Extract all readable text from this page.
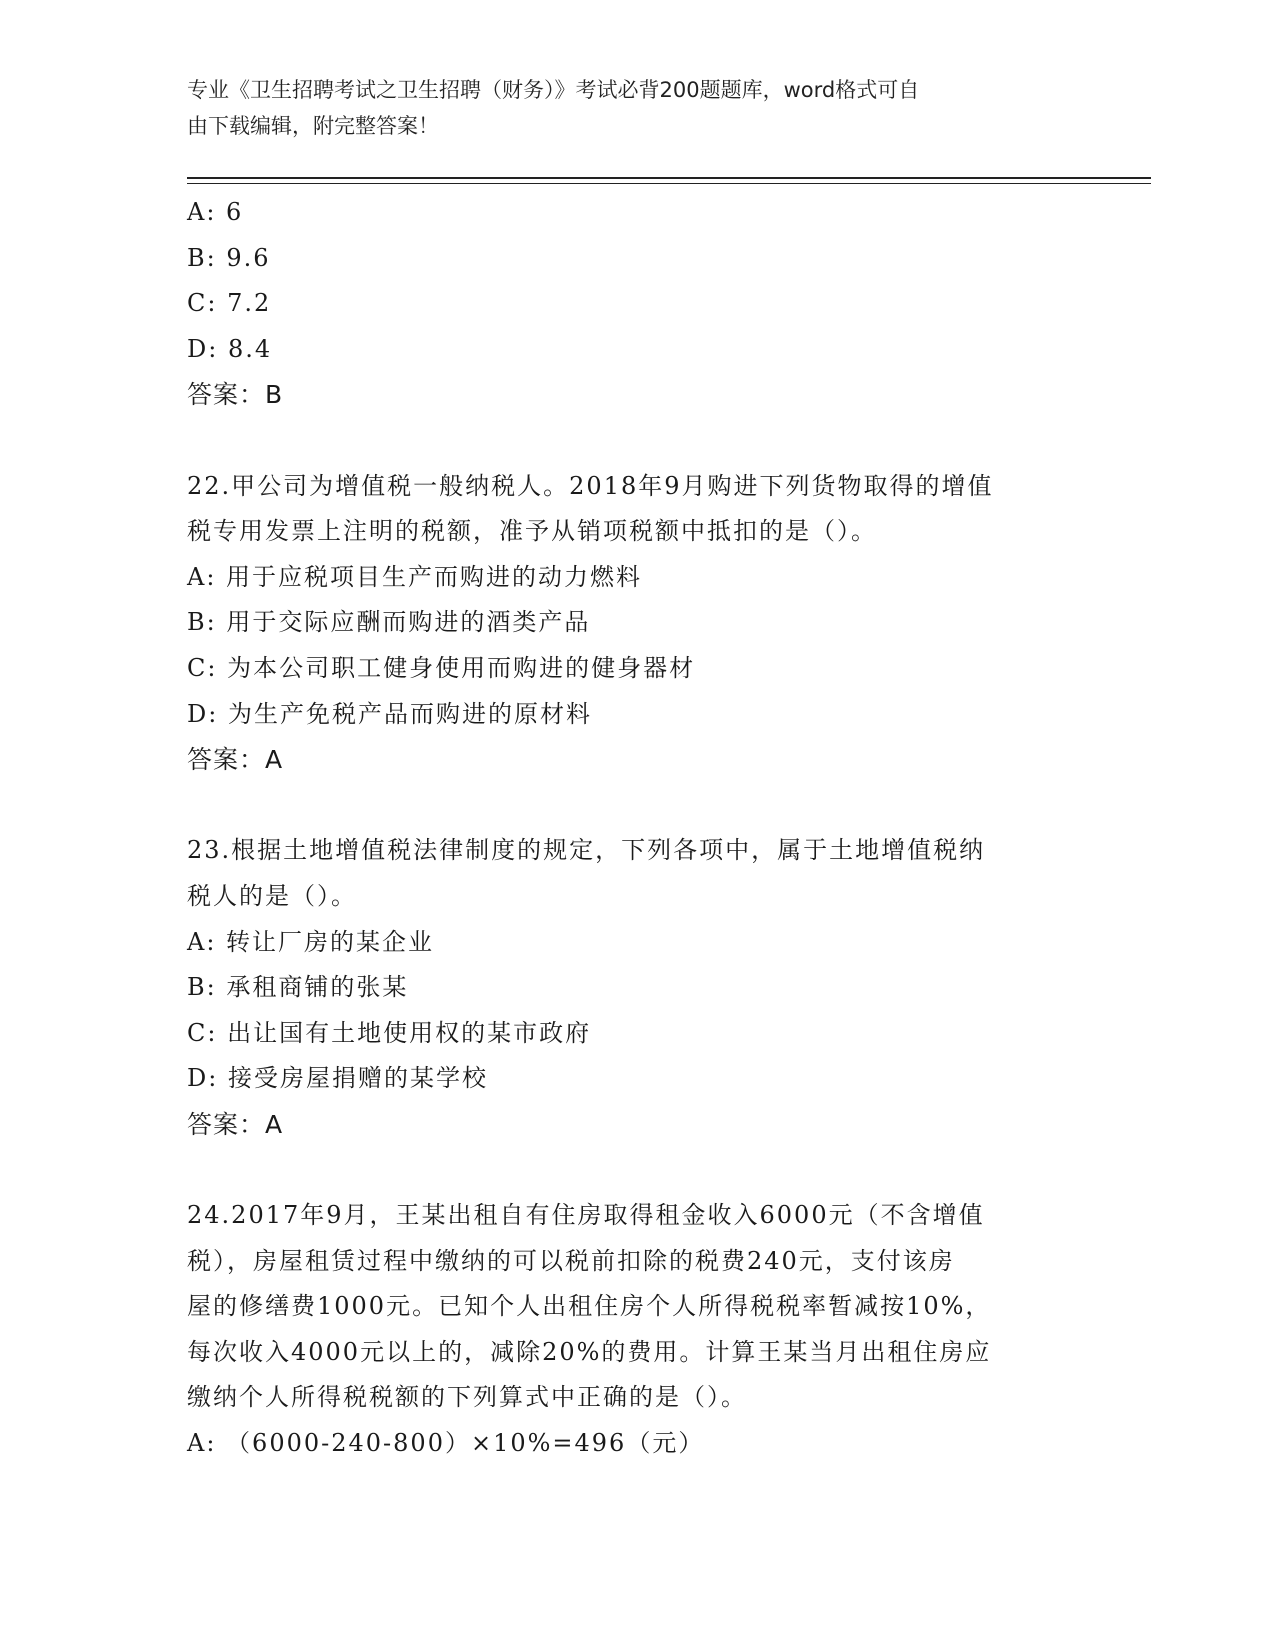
专业《卫生招聘考试之卫生招聘（财务）》考试必背200题题库，word格式可自
由下载编辑，附完整答案！
A: 6
B: 9.6
C: 7.2
D: 8.4
答案：B
22.甲公司为增值税一般纳税人。2018年9月购进下列货物取得的增值
税专用发票上注明的税额，准予从销项税额中抵扣的是（）。
A: 用于应税项目生产而购进的动力燃料
B: 用于交际应酬而购进的酒类产品
C: 为本公司职工健身使用而购进的健身器材
D: 为生产免税产品而购进的原材料
答案：A
23.根据土地增值税法律制度的规定，下列各项中，属于土地增值税纳
税人的是（）。
A: 转让厂房的某企业
B: 承租商铺的张某
C: 出让国有土地使用权的某市政府
D: 接受房屋捐赠的某学校
答案：A
24.2017年9月，王某出租自有住房取得租金收入6000元（不含增值
税），房屋租赁过程中缴纳的可以税前扣除的税费240元，支付该房
屋的修缮费1000元。已知个人出租住房个人所得税税率暂减按10%，
每次收入4000元以上的，减除20%的费用。计算王某当月出租住房应
缴纳个人所得税税额的下列算式中正确的是（）。
A: （6000-240-800）×10%=496（元）
